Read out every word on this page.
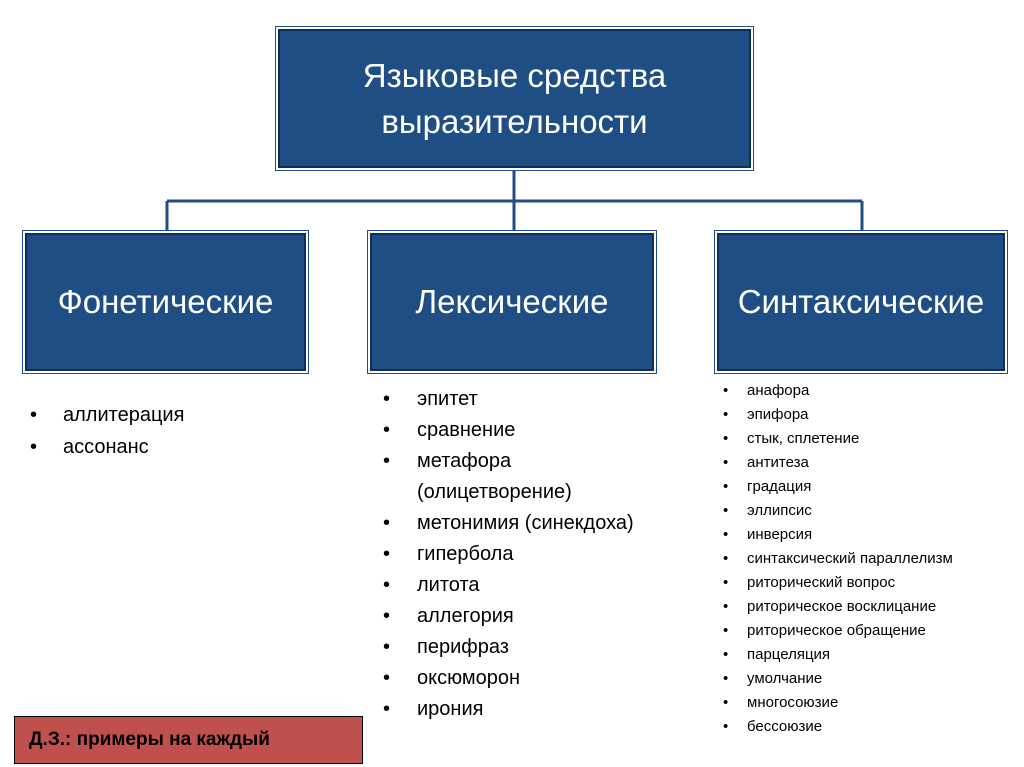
Языковые средства
выразительности
Фонетические	Лексические	Синтаксические
• аллитерация
• ассонанс
• эпитет
• сравнение
• метафора (олицетворение)
• метонимия (синекдоха)
• гипербола
• литота
• аллегория
• перифраз
• оксюморон
• ирония
• анафора
• эпифора
• стык, сплетение
• антитеза
• градация
• эллипсис
• инверсия
• синтаксический параллелизм
• риторический вопрос
• риторическое восклицание
• риторическое обращение
• парцеляция
• умолчание
• многосоюзие
• бессоюзие
Д.З.: примеры на каждый
